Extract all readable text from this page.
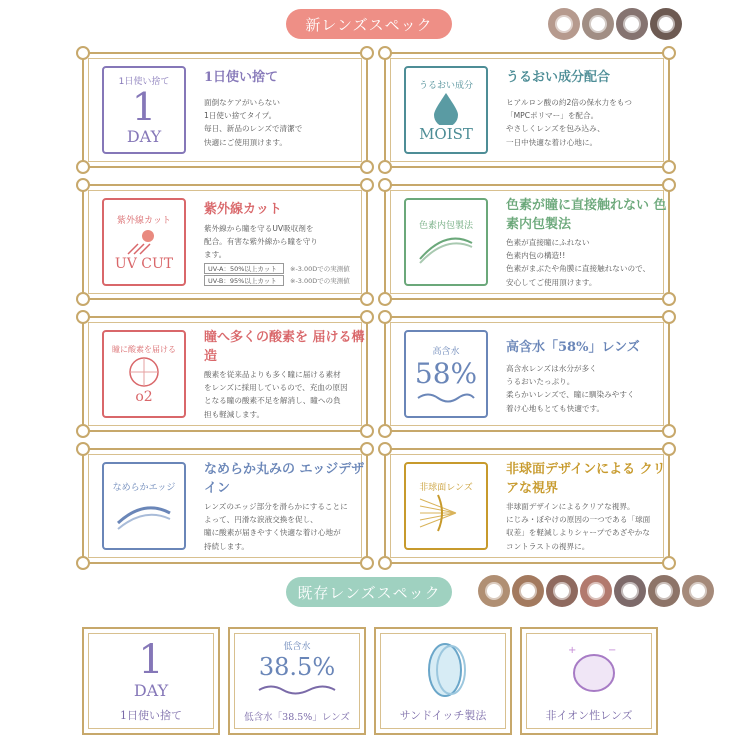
新レンズスペック
既存レンズスペック
1日使い捨て
1
DAY
1日使い捨て
面倒なケアがいらない
1日使い捨てタイプ。
毎日、新品のレンズで清潔で
快適にご使用頂けます。
うるおい成分
MOIST
うるおい成分配合
ヒアルロン酸の約2倍の保水力をもつ
「MPCポリマー」を配合。
やさしくレンズを包み込み、
一日中快適な着け心地に。
紫外線カット
UV CUT
紫外線カット
紫外線から瞳を守るUV吸収剤を
配合。有害な紫外線から瞳を守り
ます。
UV-A：50%以上カット	※-3.00Dでの実測値
UV-B：95%以上カット	※-3.00Dでの実測値
色素内包製法
色素が瞳に直接触れない 色素内包製法
色素が直接瞳にふれない
色素内包の構造!!
色素がまぶたや角膜に直接触れないので、
安心してご使用頂けます。
瞳に酸素を届ける
o2
瞳へ多くの酸素を 届ける構造
酸素を従来品よりも多く瞳に届ける素材
をレンズに採用しているので、充血の原因
となる瞳の酸素不足を解消し、瞳への負
担も軽減します。
高含水
58%
高含水「58%」レンズ
高含水レンズは水分が多く
うるおいたっぷり。
柔らかいレンズで、瞳に馴染みやすく
着け心地もとても快適です。
なめらかエッジ
なめらか丸みの エッジデザイン
レンズのエッジ部分を滑らかにすることに
よって、円滑な涙液交換を促し、
瞳に酸素が届きやすく快適な着け心地が
持続します。
非球面レンズ
非球面デザインによる クリアな視界
非球面デザインによるクリアな視界。
にじみ・ぼやけの原因の一つである「球面
収差」を軽減しよりシャープであざやかな
コントラストの視界に。
1
DAY
1日使い捨て
低含水
38.5%
低含水「38.5%」レンズ	サンドイッチ製法
+	−
非イオン性レンズ
